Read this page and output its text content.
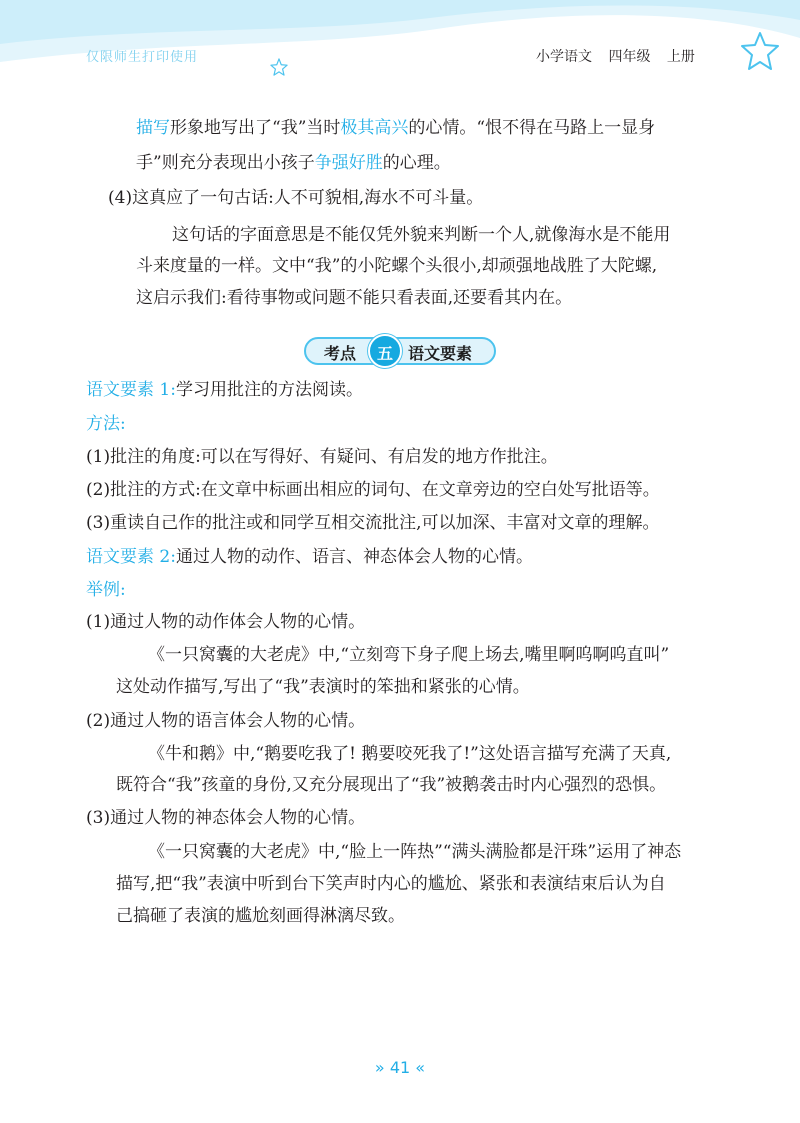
仅限师生打印使用	小学语文 四年级 上册
描写形象地写出了“我”当时极其高兴的心情。“恨不得在马路上一显身
手”则充分表现出小孩子争强好胜的心理。
(4)这真应了一句古话:人不可貌相,海水不可斗量。
这句话的字面意思是不能仅凭外貌来判断一个人,就像海水是不能用
斗来度量的一样。文中“我”的小陀螺个头很小,却顽强地战胜了大陀螺,
这启示我们:看待事物或问题不能只看表面,还要看其内在。
考点	五 语文要素
语文要素 1:学习用批注的方法阅读。
方法:
(1)批注的角度:可以在写得好、有疑问、有启发的地方作批注。
(2)批注的方式:在文章中标画出相应的词句、在文章旁边的空白处写批语等。
(3)重读自己作的批注或和同学互相交流批注,可以加深、丰富对文章的理解。
语文要素 2:通过人物的动作、语言、神态体会人物的心情。
举例:
(1)通过人物的动作体会人物的心情。
《一只窝囊的大老虎》中,“立刻弯下身子爬上场去,嘴里啊呜啊呜直叫”
这处动作描写,写出了“我”表演时的笨拙和紧张的心情。
(2)通过人物的语言体会人物的心情。
《牛和鹅》中,“鹅要吃我了! 鹅要咬死我了!”这处语言描写充满了天真,
既符合“我”孩童的身份,又充分展现出了“我”被鹅袭击时内心强烈的恐惧。
(3)通过人物的神态体会人物的心情。
《一只窝囊的大老虎》中,“脸上一阵热”“满头满脸都是汗珠”运用了神态
描写,把“我”表演中听到台下笑声时内心的尴尬、紧张和表演结束后认为自
己搞砸了表演的尴尬刻画得淋漓尽致。
» 41 «
